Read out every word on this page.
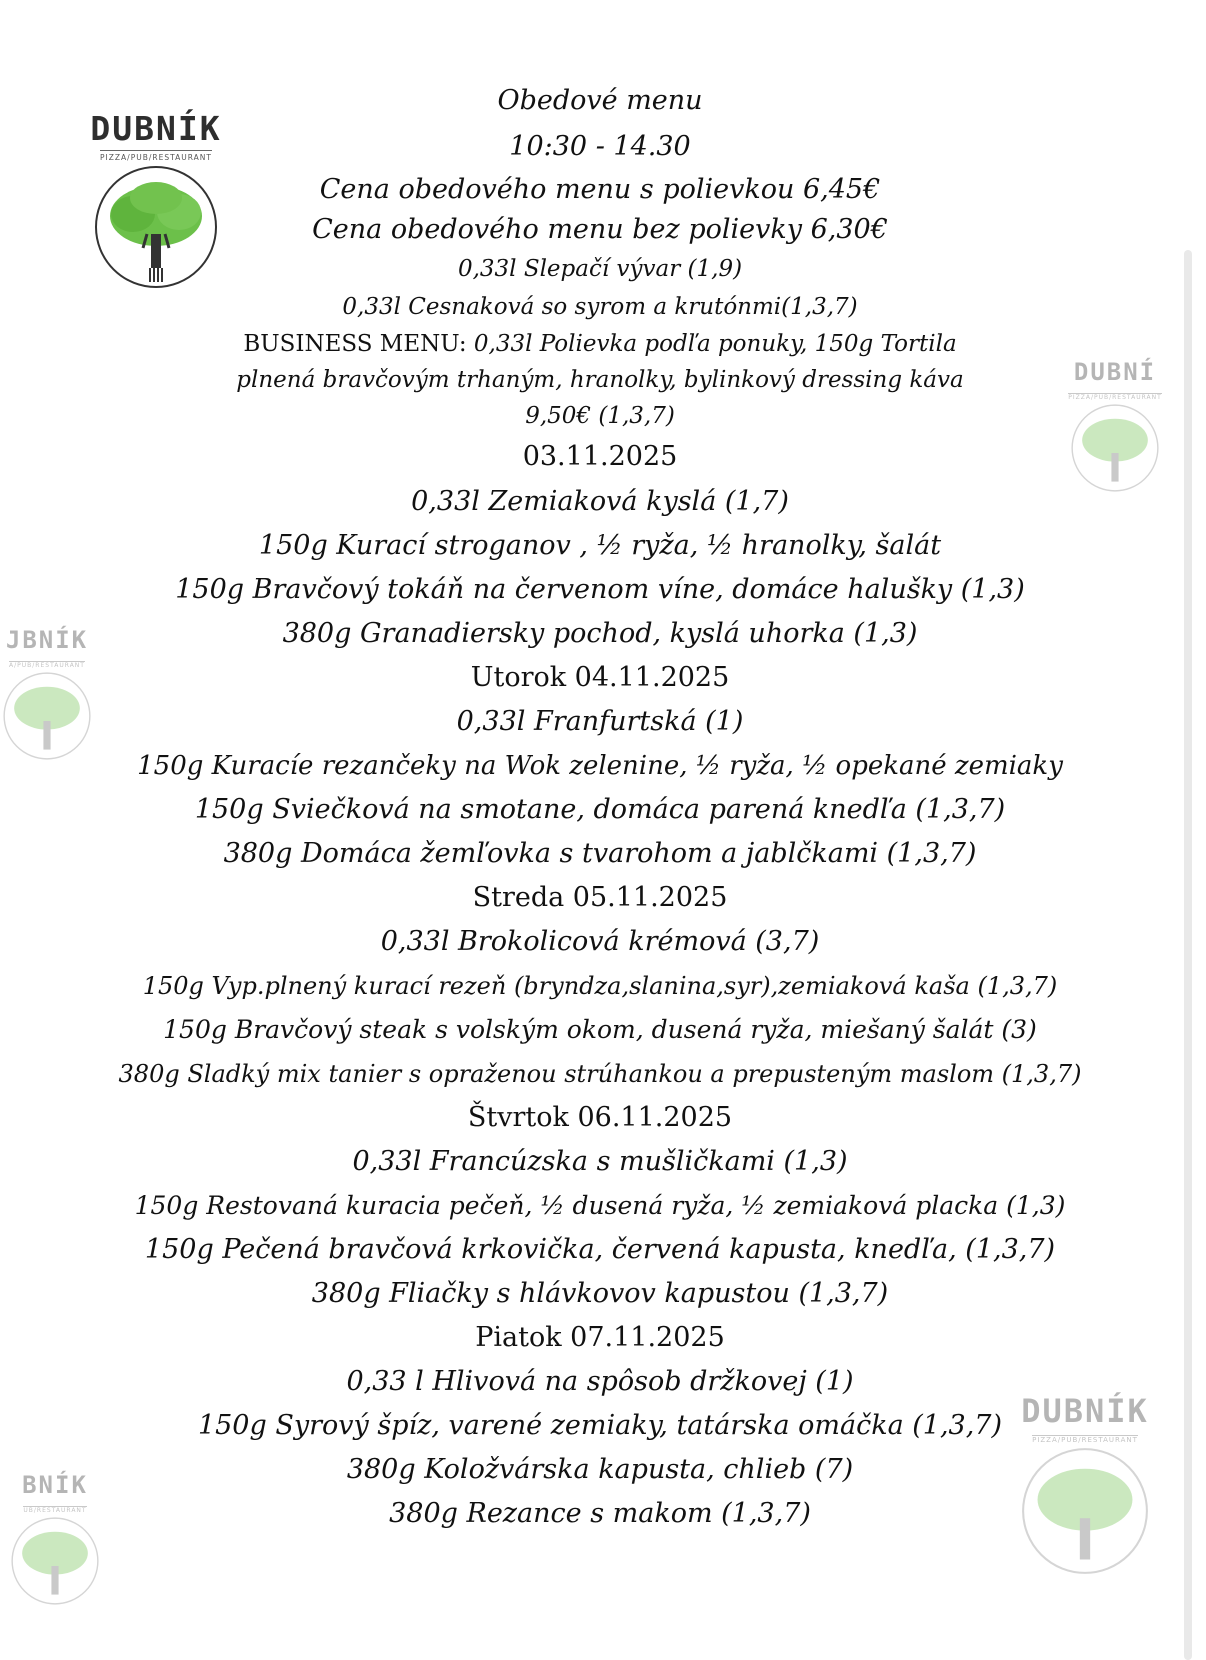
DUBNÍK
PIZZA/PUB/RESTAURANT
DUBNÍ
PIZZA/PUB/RESTAURANT
JBNÍK
A/PUB/RESTAURANT
DUBNÍK
PIZZA/PUB/RESTAURANT
BNÍK
UB/RESTAURANT
Obedové menu
10:30 - 14.30
Cena obedového menu s polievkou 6,45€
Cena obedového menu bez polievky 6,30€
0,33l Slepačí vývar (1,9)
0,33l Cesnaková so syrom a krutónmi(1,3,7)
BUSINESS MENU: 0,33l Polievka podľa ponuky, 150g Tortila plnená bravčovým trhaným, hranolky, bylinkový dressing káva 9,50€ (1,3,7)
03.11.2025
0,33l Zemiaková kyslá (1,7)
150g Kurací stroganov , ½ ryža, ½ hranolky, šalát
150g Bravčový tokáň na červenom víne, domáce halušky (1,3)
380g Granadiersky pochod, kyslá uhorka (1,3)
Utorok 04.11.2025
0,33l Franfurtská (1)
150g Kuracíe rezančeky na Wok zelenine, ½ ryža, ½ opekané zemiaky
150g Sviečková na smotane, domáca parená knedľa (1,3,7)
380g Domáca žemľovka s tvarohom a jablčkami (1,3,7)
Streda 05.11.2025
0,33l Brokolicová krémová (3,7)
150g Vyp.plnený kurací rezeň (bryndza,slanina,syr),zemiaková kaša (1,3,7)
150g Bravčový steak s volským okom, dusená ryža, miešaný šalát (3)
380g Sladký mix tanier s opraženou strúhankou a prepusteným maslom (1,3,7)
Štvrtok 06.11.2025
0,33l Francúzska s mušličkami (1,3)
150g Restovaná kuracia pečeň, ½ dusená ryža, ½ zemiaková placka (1,3)
150g Pečená bravčová krkovička, červená kapusta, knedľa, (1,3,7)
380g Fliačky s hlávkovov kapustou (1,3,7)
Piatok 07.11.2025
0,33 l Hlivová na spôsob držkovej (1)
150g Syrový špíz, varené zemiaky, tatárska omáčka (1,3,7)
380g Koložvárska kapusta, chlieb (7)
380g Rezance s makom (1,3,7)
